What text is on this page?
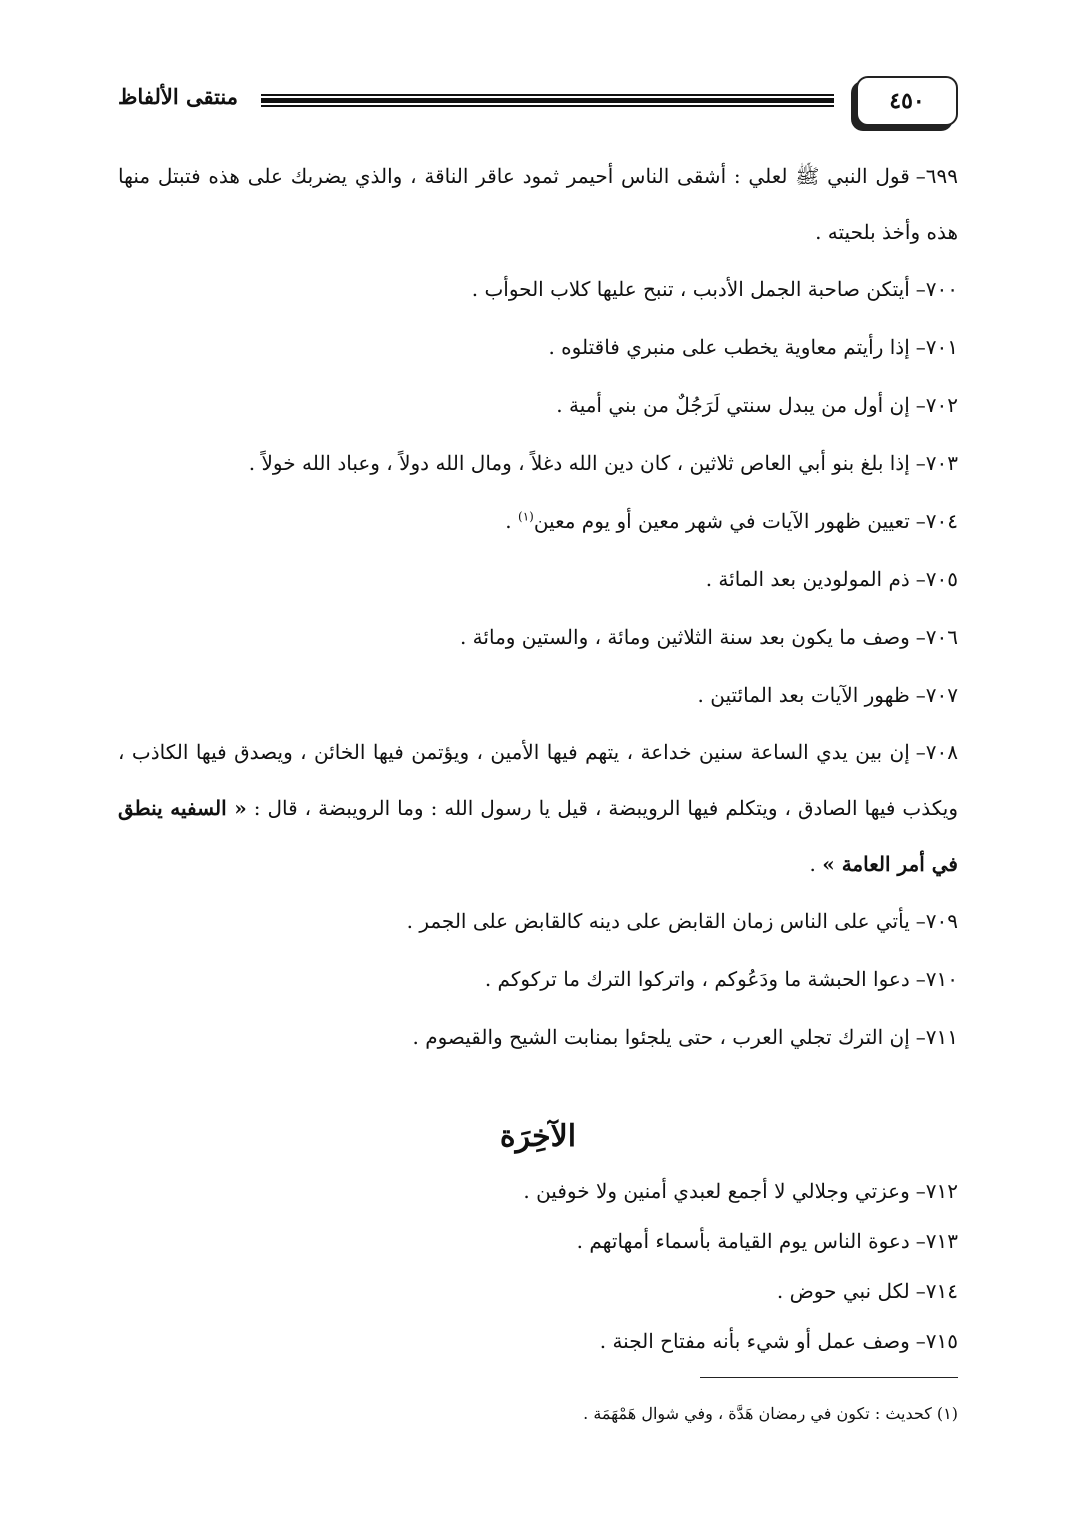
٤٥٠
منتقى الألفاظ

٦٩٩–قول النبي ﷺ لعلي : أشقى الناس أحيمر ثمود عاقر الناقة ، والذي يضربك على هذه فتبتل منها هذه وأخذ بلحيته .

٧٠٠–أيتكن صاحبة الجمل الأدبب ، تنبح عليها كلاب الحوأب .

٧٠١–إذا رأيتم معاوية يخطب على منبري فاقتلوه .

٧٠٢–إن أول من يبدل سنتي لَرَجُلٌ من بني أمية .

٧٠٣–إذا بلغ بنو أبي العاص ثلاثين ، كان دين الله دغلاً ، ومال الله دولاً ، وعباد الله خولاً .

٧٠٤–تعيين ظهور الآيات في شهر معين أو يوم معين$^{(١)}$ .

٧٠٥–ذم المولودين بعد المائة .

٧٠٦–وصف ما يكون بعد سنة الثلاثين ومائة ، والستين ومائة .

٧٠٧–ظهور الآيات بعد المائتين .

٧٠٨–إن بين يدي الساعة سنين خداعة ، يتهم فيها الأمين ، ويؤتمن فيها الخائن ، ويصدق فيها الكاذب ، ويكذب فيها الصادق ، ويتكلم فيها الرويبضة ، قيل يا رسول الله : وما الرويبضة ، قال : « السفيه ينطق في أمر العامة » .

٧٠٩–يأتي على الناس زمان القابض على دينه كالقابض على الجمر .

٧١٠–دعوا الحبشة ما ودَعُوكم ، واتركوا الترك ما تركوكم .

٧١١–إن الترك تجلي العرب ، حتى يلجئوا بمنابت الشيح والقيصوم .

الآخِرَة

٧١٢–وعزتي وجلالي لا أجمع لعبدي أمنين ولا خوفين .

٧١٣–دعوة الناس يوم القيامة بأسماء أمهاتهم .

٧١٤–لكل نبي حوض .

٧١٥–وصف عمل أو شيء بأنه مفتاح الجنة .

(١) كحديث : تكون في رمضان هَدَّة ، وفي شوال هَمْهَمَة .
